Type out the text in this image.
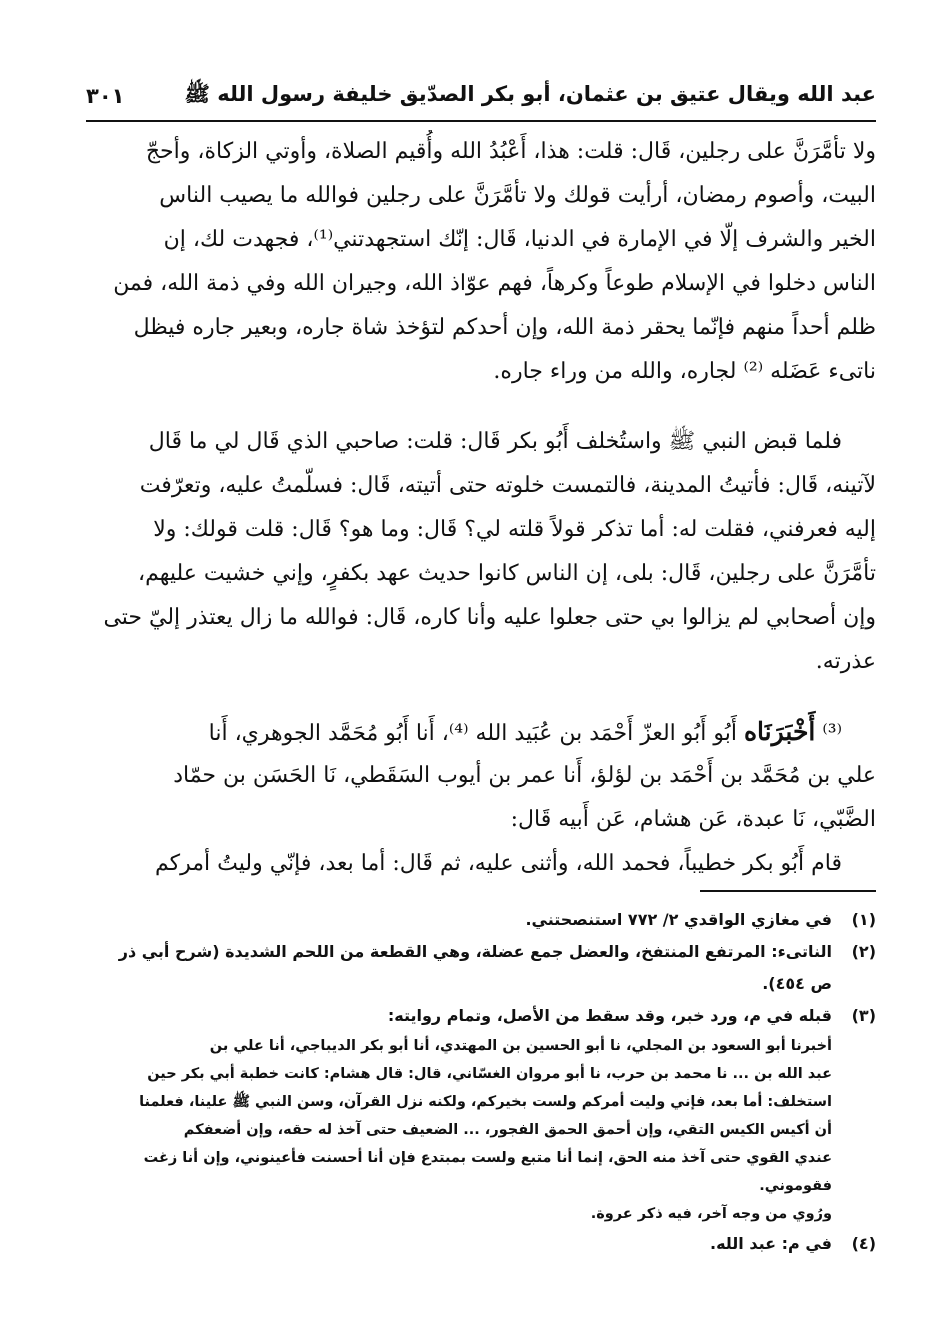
عبد الله ويقال عتيق بن عثمان، أبو بكر الصدّيق خليفة رسول الله ﷺ
٣٠١
ولا تأمَّرَنَّ على رجلين، قَال: قلت: هذا، أَعْبُدُ الله وأُقيم الصلاة، وأوتي الزكاة، وأحجّ
البيت، وأصوم رمضان، أرأيت قولك ولا تأمَّرَنَّ على رجلين فوالله ما يصيب الناس
الخير والشرف إلّا في الإمارة في الدنيا، قَال: إنّك استجهدتني⁽¹⁾، فجهدت لك، إن
الناس دخلوا في الإسلام طوعاً وكرهاً، فهم عوّاذ الله، وجيران الله وفي ذمة الله، فمن
ظلم أحداً منهم فإنّما يحقر ذمة الله، وإن أحدكم لتؤخذ شاة جاره، وبعير جاره فيظل
ناتىء عَضَله ⁽²⁾ لجاره، والله من وراء جاره.
فلما قبض النبي ﷺ واستُخلف أَبُو بكر قَال: قلت: صاحبي الذي قَال لي ما قَال
لآتينه، قَال: فأتيتُ المدينة، فالتمست خلوته حتى أتيته، قَال: فسلّمتُ عليه، وتعرّفت
إليه فعرفني، فقلت له: أما تذكر قولاً قلته لي؟ قَال: وما هو؟ قَال: قلت قولك: ولا
تأمَّرَنَّ على رجلين، قَال: بلى، إن الناس كانوا حديث عهد بكفرٍ، وإني خشيت عليهم،
وإن أصحابي لم يزالوا بي حتى جعلوا عليه وأنا كاره، قَال: فوالله ما زال يعتذر إليّ حتى
عذرته.
⁽³⁾ أَخْبَرَنَاه أَبُو أَبُو العزّ أَحْمَد بن عُبَيد الله ⁽⁴⁾، أَنا أَبُو مُحَمَّد الجوهري، أَنا
علي بن مُحَمَّد بن أَحْمَد بن لؤلؤ، أَنا عمر بن أيوب السَقَطي، نَا الحَسَن بن حمّاد
الضَّبّي، نَا عبدة، عَن هشام، عَن أَبيه قَال:
قام أَبُو بكر خطيباً، فحمد الله، وأثنى عليه، ثم قَال: أما بعد، فإنّي وليتُ أمركم
(١)
في مغازي الواقدي ٢/ ٧٧٢ استنصحتني.
(٢)
الناتىء: المرتفع المنتفخ، والعضل جمع عضلة، وهي القطعة من اللحم الشديدة (شرح أبي ذر
ص ٤٥٤).
(٣)
قبله في م، ورد خبر، وقد سقط من الأصل، وتمام روايته:
أخبرنا أبو السعود بن المجلي، نا أبو الحسين بن المهتدي، أنا أبو بكر الديباجي، أنا علي بن
عبد الله بن ... نا محمد بن حرب، نا أبو مروان الغسّاني، قال: قال هشام: كانت خطبة أبي بكر حين
استخلف: أما بعد، فإني وليت أمركم ولست بخيركم، ولكنه نزل القرآن، وسن النبي ﷺ علينا، فعلمنا
أن أكيس الكيس التقي، وإن أحمق الحمق الفجور، ... الضعيف حتى آخذ له حقه، وإن أضعفكم
عندي القوي حتى آخذ منه الحق، إنما أنا متبع ولست بمبتدع فإن أنا أحسنت فأعينوني، وإن أنا زغت
فقوموني.
ورُوي من وجه آخر، فيه ذكر عروة.
(٤)
في م: عبد الله.
